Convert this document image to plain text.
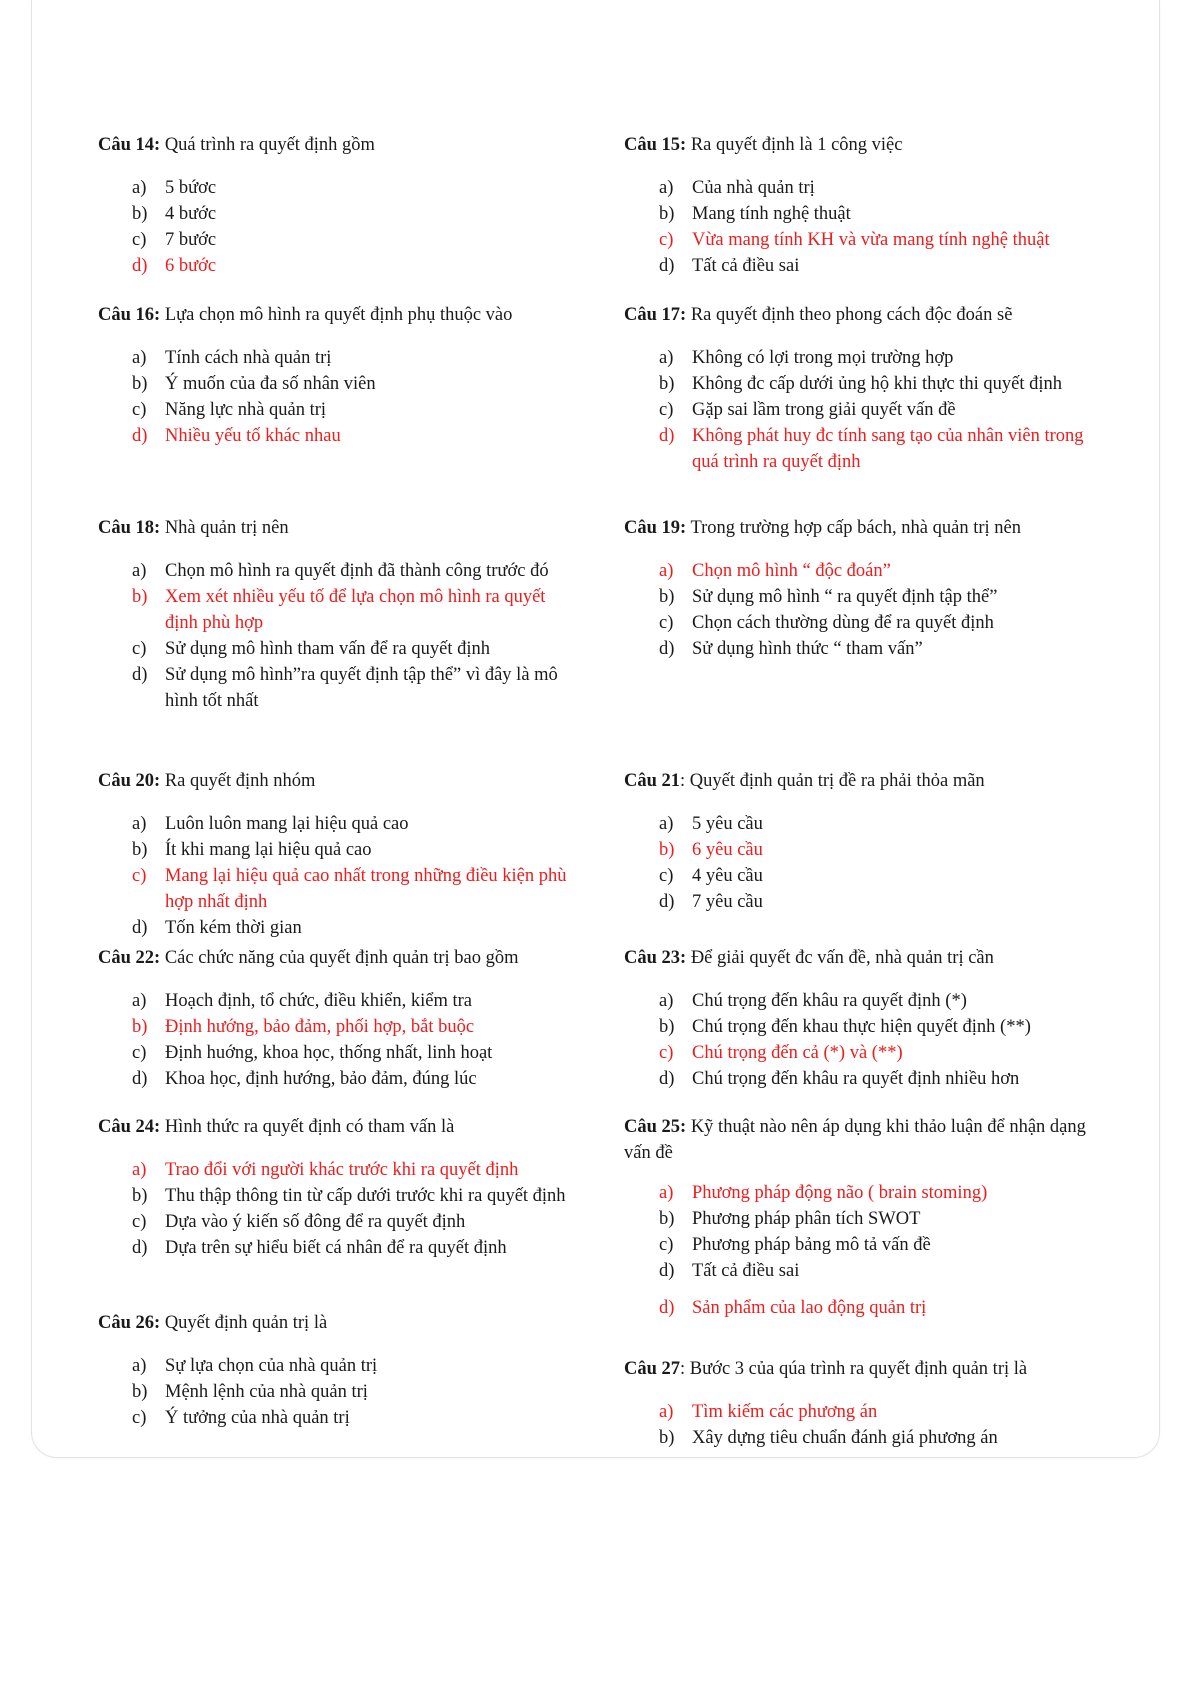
Câu 14: Quá trình ra quyết định gồm
a) 5 bứơc
b) 4 bước
c) 7 bước
d) 6 bước
Câu 15: Ra quyết định là 1 công việc
a) Của nhà quản trị
b) Mang tính nghệ thuật
c) Vừa mang tính KH và vừa mang tính nghệ thuật
d) Tất cả điều sai
Câu 16: Lựa chọn mô hình ra quyết định phụ thuộc vào
a) Tính cách nhà quản trị
b) Ý muốn của đa số nhân viên
c) Năng lực nhà quản trị
d) Nhiều yếu tố khác nhau
Câu 17: Ra quyết định theo phong cách độc đoán sẽ
a) Không có lợi trong mọi trường hợp
b) Không đc cấp dưới ủng hộ khi thực thi quyết định
c) Gặp sai lầm trong giải quyết vấn đề
d) Không phát huy đc tính sang tạo của nhân viên trong quá trình ra quyết định
Câu 18: Nhà quản trị nên
a) Chọn mô hình ra quyết định đã thành công trước đó
b) Xem xét nhiều yếu tố để lựa chọn mô hình ra quyết định phù hợp
c) Sử dụng mô hình tham vấn để ra quyết định
d) Sử dụng mô hình”ra quyết định tập thể” vì đây là mô hình tốt nhất
Câu 19: Trong trường hợp cấp bách, nhà quản trị nên
a) Chọn mô hình “ độc đoán”
b) Sử dụng mô hình “ ra quyết định tập thể”
c) Chọn cách thường dùng để ra quyết định
d) Sử dụng hình thức “ tham vấn”
Câu 20: Ra quyết định nhóm
a) Luôn luôn mang lại hiệu quả cao
b) Ít khi mang lại hiệu quả cao
c) Mang lại hiệu quả cao nhất trong những điều kiện phù hợp nhất định
d) Tốn kém thời gian
Câu 21: Quyết định quản trị đề ra phải thỏa mãn
a) 5 yêu cầu
b) 6 yêu cầu
c) 4 yêu cầu
d) 7 yêu cầu
Câu 22: Các chức năng của quyết định quản trị bao gồm
a) Hoạch định, tổ chức, điều khiển, kiểm tra
b) Định hướng, bảo đảm, phối hợp, bắt buộc
c) Định huớng, khoa học, thống nhất, linh hoạt
d) Khoa học, định hướng, bảo đảm, đúng lúc
Câu 23: Để giải quyết đc vấn đề, nhà quản trị cần
a) Chú trọng đến khâu ra quyết định (*)
b) Chú trọng đến khau thực hiện quyết định (**)
c) Chú trọng đến cả (*) và (**)
d) Chú trọng đến khâu ra quyết định nhiều hơn
Câu 24: Hình thức ra quyết định có tham vấn là
a) Trao đổi với người khác trước khi ra quyết định
b) Thu thập thông tin từ cấp dưới trước khi ra quyết định
c) Dựa vào ý kiến số đông để ra quyết định
d) Dựa trên sự hiểu biết cá nhân để ra quyết định
Câu 25: Kỹ thuật nào nên áp dụng khi thảo luận để nhận dạng vấn đề
a) Phương pháp động não ( brain stoming)
b) Phương pháp phân tích SWOT
c) Phương pháp bảng mô tả vấn đề
d) Tất cả điều sai
Câu 26: Quyết định quản trị là
a) Sự lựa chọn của nhà quản trị
b) Mệnh lệnh của nhà quản trị
c) Ý tưởng của nhà quản trị
d) Sản phẩm của lao động quản trị
Câu 27: Bước 3 của qúa trình ra quyết định quản trị là
a) Tìm kiếm các phương án
b) Xây dựng tiêu chuẩn đánh giá phương án
